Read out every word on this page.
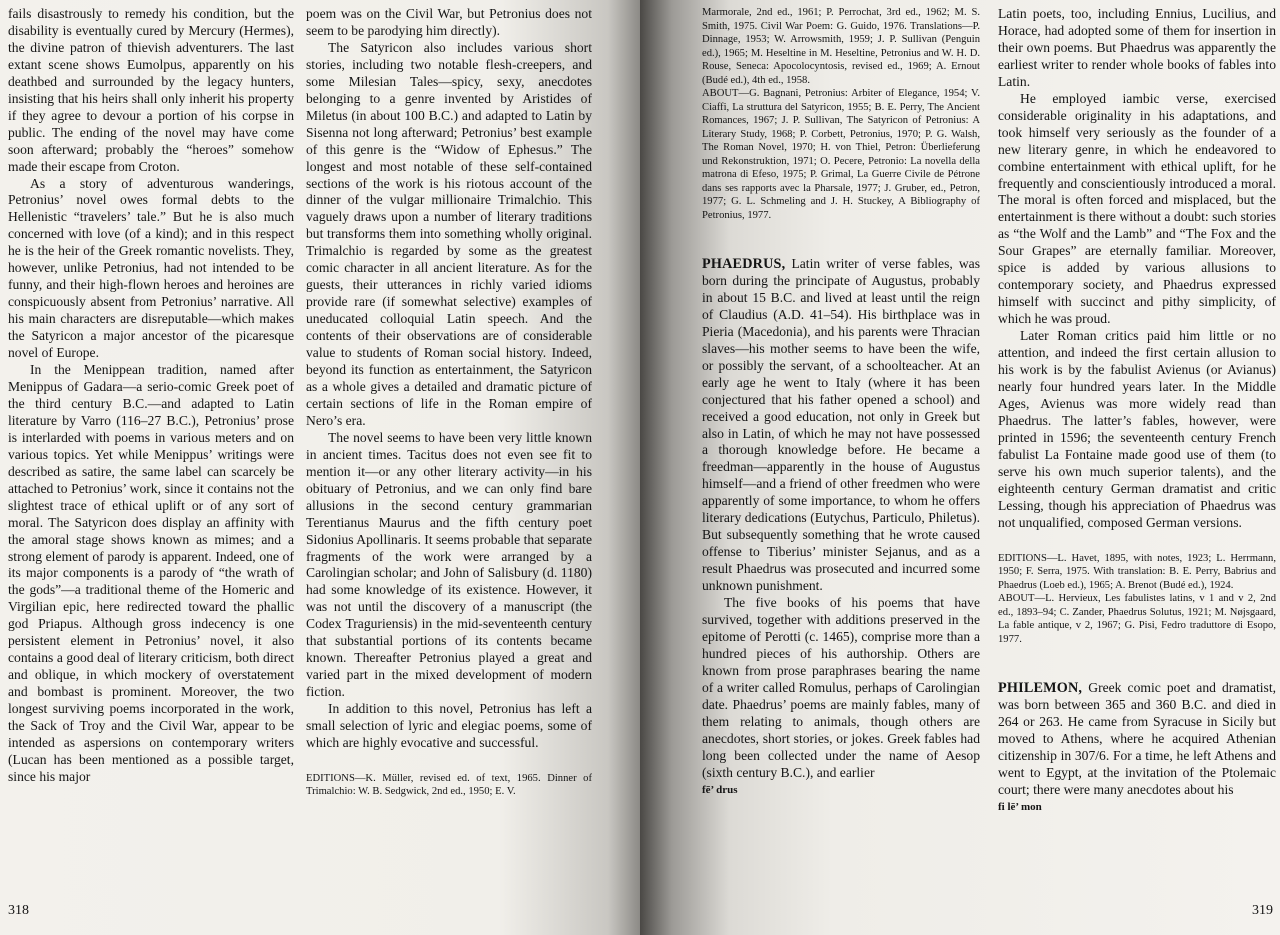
fails disastrously to remedy his condition, but the disability is eventually cured by Mercury (Hermes), the divine patron of thievish adventurers. The last extant scene shows Eumolpus, apparently on his deathbed and surrounded by the legacy hunters, insisting that his heirs shall only inherit his property if they agree to devour a portion of his corpse in public. The ending of the novel may have come soon afterward; probably the “heroes” somehow made their escape from Croton.

As a story of adventurous wanderings, Petronius’ novel owes formal debts to the Hellenistic “travelers’ tale.” But he is also much concerned with love (of a kind); and in this respect he is the heir of the Greek romantic novelists. They, however, unlike Petronius, had not intended to be funny, and their high-flown heroes and heroines are conspicuously absent from Petronius’ narrative. All his main characters are disreputable—which makes the Satyricon a major ancestor of the picaresque novel of Europe.

In the Menippean tradition, named after Menippus of Gadara—a serio-comic Greek poet of the third century B.C.—and adapted to Latin literature by Varro (116–27 B.C.), Petronius’ prose is interlarded with poems in various meters and on various topics. Yet while Menippus’ writings were described as satire, the same label can scarcely be attached to Petronius’ work, since it contains not the slightest trace of ethical uplift or of any sort of moral. The Satyricon does display an affinity with the amoral stage shows known as mimes; and a strong element of parody is apparent. Indeed, one of its major components is a parody of “the wrath of the gods”—a traditional theme of the Homeric and Virgilian epic, here redirected toward the phallic god Priapus. Although gross indecency is one persistent element in Petronius’ novel, it also contains a good deal of literary criticism, both direct and oblique, in which mockery of overstatement and bombast is prominent. Moreover, the two longest surviving poems incorporated in the work, the Sack of Troy and the Civil War, appear to be intended as aspersions on contemporary writers (Lucan has been mentioned as a possible target, since his major

poem was on the Civil War, but Petronius does not seem to be parodying him directly).

The Satyricon also includes various short stories, including two notable flesh-creepers, and some Milesian Tales—spicy, sexy, anecdotes belonging to a genre invented by Aristides of Miletus (in about 100 B.C.) and adapted to Latin by Sisenna not long afterward; Petronius’ best example of this genre is the “Widow of Ephesus.” The longest and most notable of these self-contained sections of the work is his riotous account of the dinner of the vulgar millionaire Trimalchio. This vaguely draws upon a number of literary traditions but transforms them into something wholly original. Trimalchio is regarded by some as the greatest comic character in all ancient literature. As for the guests, their utterances in richly varied idioms provide rare (if somewhat selective) examples of uneducated colloquial Latin speech. And the contents of their observations are of considerable value to students of Roman social history. Indeed, beyond its function as entertainment, the Satyricon as a whole gives a detailed and dramatic picture of certain sections of life in the Roman empire of Nero’s era.

The novel seems to have been very little known in ancient times. Tacitus does not even see fit to mention it—or any other literary activity—in his obituary of Petronius, and we can only find bare allusions in the second century grammarian Terentianus Maurus and the fifth century poet Sidonius Apollinaris. It seems probable that separate fragments of the work were arranged by a Carolingian scholar; and John of Salisbury (d. 1180) had some knowledge of its existence. However, it was not until the discovery of a manuscript (the Codex Traguriensis) in the mid-seventeenth century that substantial portions of its contents became known. Thereafter Petronius played a great and varied part in the mixed development of modern fiction.

In addition to this novel, Petronius has left a small selection of lyric and elegiac poems, some of which are highly evocative and successful.

EDITIONS—K. Müller, revised ed. of text, 1965. Dinner of Trimalchio: W. B. Sedgwick, 2nd ed., 1950; E. V.

318

Marmorale, 2nd ed., 1961; P. Perrochat, 3rd ed., 1962; M. S. Smith, 1975. Civil War Poem: G. Guido, 1976. Translations—P. Dinnage, 1953; W. Arrowsmith, 1959; J. P. Sullivan (Penguin ed.), 1965; M. Heseltine in M. Heseltine, Petronius and W. H. D. Rouse, Seneca: Apocolocyntosis, revised ed., 1969; A. Ernout (Budé ed.), 4th ed., 1958.

ABOUT—G. Bagnani, Petronius: Arbiter of Elegance, 1954; V. Ciaffi, La struttura del Satyricon, 1955; B. E. Perry, The Ancient Romances, 1967; J. P. Sullivan, The Satyricon of Petronius: A Literary Study, 1968; P. Corbett, Petronius, 1970; P. G. Walsh, The Roman Novel, 1970; H. von Thiel, Petron: Überlieferung und Rekonstruktion, 1971; O. Pecere, Petronio: La novella della matrona di Efeso, 1975; P. Grimal, La Guerre Civile de Pétrone dans ses rapports avec la Pharsale, 1977; J. Gruber, ed., Petron, 1977; G. L. Schmeling and J. H. Stuckey, A Bibliography of Petronius, 1977.

PHAEDRUS, Latin writer of verse fables, was born during the principate of Augustus, probably in about 15 B.C. and lived at least until the reign of Claudius (A.D. 41–54). His birthplace was in Pieria (Macedonia), and his parents were Thracian slaves—his mother seems to have been the wife, or possibly the servant, of a schoolteacher. At an early age he went to Italy (where it has been conjectured that his father opened a school) and received a good education, not only in Greek but also in Latin, of which he may not have possessed a thorough knowledge before. He became a freedman—apparently in the house of Augustus himself—and a friend of other freedmen who were apparently of some importance, to whom he offers literary dedications (Eutychus, Particulo, Philetus). But subsequently something that he wrote caused offense to Tiberius’ minister Sejanus, and as a result Phaedrus was prosecuted and incurred some unknown punishment.

The five books of his poems that have survived, together with additions preserved in the epitome of Perotti (c. 1465), comprise more than a hundred pieces of his authorship. Others are known from prose paraphrases bearing the name of a writer called Romulus, perhaps of Carolingian date. Phaedrus’ poems are mainly fables, many of them relating to animals, though others are anecdotes, short stories, or jokes. Greek fables had long been collected under the name of Aesop (sixth century B.C.), and earlier

fē’ drus

Latin poets, too, including Ennius, Lucilius, and Horace, had adopted some of them for insertion in their own poems. But Phaedrus was apparently the earliest writer to render whole books of fables into Latin.

He employed iambic verse, exercised considerable originality in his adaptations, and took himself very seriously as the founder of a new literary genre, in which he endeavored to combine entertainment with ethical uplift, for he frequently and conscientiously introduced a moral. The moral is often forced and misplaced, but the entertainment is there without a doubt: such stories as “the Wolf and the Lamb” and “The Fox and the Sour Grapes” are eternally familiar. Moreover, spice is added by various allusions to contemporary society, and Phaedrus expressed himself with succinct and pithy simplicity, of which he was proud.

Later Roman critics paid him little or no attention, and indeed the first certain allusion to his work is by the fabulist Avienus (or Avianus) nearly four hundred years later. In the Middle Ages, Avienus was more widely read than Phaedrus. The latter’s fables, however, were printed in 1596; the seventeenth century French fabulist La Fontaine made good use of them (to serve his own much superior talents), and the eighteenth century German dramatist and critic Lessing, though his appreciation of Phaedrus was not unqualified, composed German versions.

EDITIONS—L. Havet, 1895, with notes, 1923; L. Herrmann, 1950; F. Serra, 1975. With translation: B. E. Perry, Babrius and Phaedrus (Loeb ed.), 1965; A. Brenot (Budé ed.), 1924.

ABOUT—L. Hervieux, Les fabulistes latins, v 1 and v 2, 2nd ed., 1893–94; C. Zander, Phaedrus Solutus, 1921; M. Nøjsgaard, La fable antique, v 2, 1967; G. Pisi, Fedro traduttore di Esopo, 1977.

PHILEMON, Greek comic poet and dramatist, was born between 365 and 360 B.C. and died in 264 or 263. He came from Syracuse in Sicily but moved to Athens, where he acquired Athenian citizenship in 307/6. For a time, he left Athens and went to Egypt, at the invitation of the Ptolemaic court; there were many anecdotes about his

fi lē’ mon
319
